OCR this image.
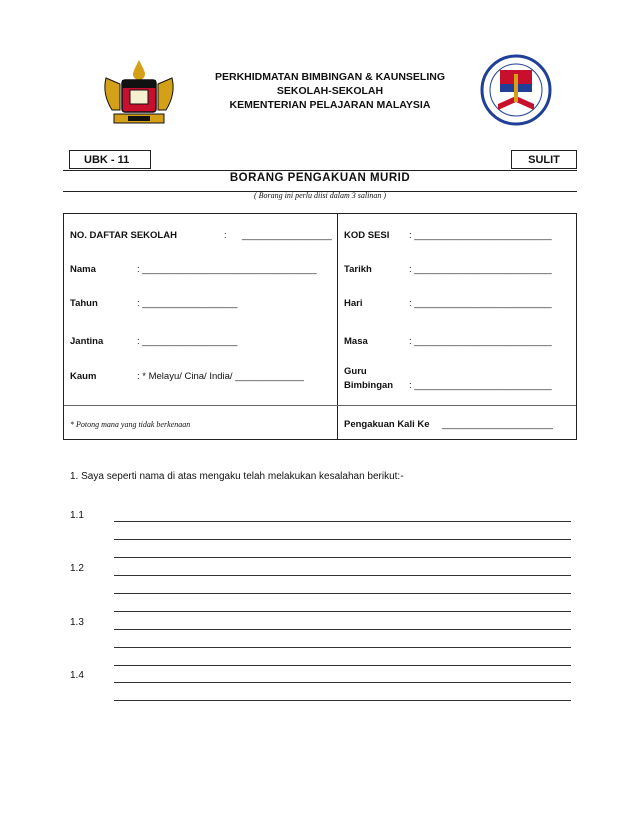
PERKHIDMATAN BIMBINGAN & KAUNSELING
SEKOLAH-SEKOLAH
KEMENTERIAN PELAJARAN MALAYSIA
UBK - 11	SULIT
BORANG PENGAKUAN MURID
( Borang ini perlu diisi dalam 3 salinan )
NO. DAFTAR SEKOLAH	: _________________
Nama	: _________________________________
Tahun	: __________________
Jantina	: __________________
Kaum	: * Melayu/ Cina/ India/ _____________
* Potong mana yang tidak berkenaan
KOD SESI : __________________________
Tarikh	: __________________________
Hari	: __________________________
Masa	: __________________________
Guru
Bimbingan : __________________________
Pengakuan Kali Ke _____________________
1. Saya seperti nama di atas mengaku telah melakukan kesalahan berikut:-
1.1
1.2
1.3
1.4
